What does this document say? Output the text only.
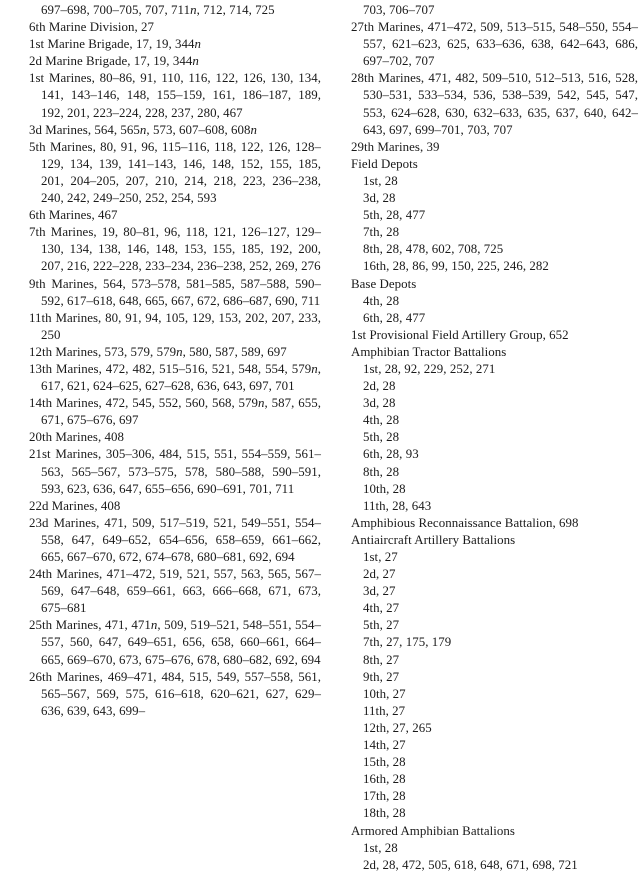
697–698, 700–705, 707, 711n, 712, 714, 725

6th Marine Division, 27

1st Marine Brigade, 17, 19, 344n

2d Marine Brigade, 17, 19, 344n

1st Marines, 80–86, 91, 110, 116, 122, 126, 130, 134, 141, 143–146, 148, 155–159, 161, 186–187, 189, 192, 201, 223–224, 228, 237, 280, 467

3d Marines, 564, 565n, 573, 607–608, 608n

5th Marines, 80, 91, 96, 115–116, 118, 122, 126, 128–129, 134, 139, 141–143, 146, 148, 152, 155, 185, 201, 204–205, 207, 210, 214, 218, 223, 236–238, 240, 242, 249–250, 252, 254, 593

6th Marines, 467

7th Marines, 19, 80–81, 96, 118, 121, 126–127, 129–130, 134, 138, 146, 148, 153, 155, 185, 192, 200, 207, 216, 222–228, 233–234, 236–238, 252, 269, 276

9th Marines, 564, 573–578, 581–585, 587–588, 590–592, 617–618, 648, 665, 667, 672, 686–687, 690, 711

11th Marines, 80, 91, 94, 105, 129, 153, 202, 207, 233, 250

12th Marines, 573, 579, 579n, 580, 587, 589, 697

13th Marines, 472, 482, 515–516, 521, 548, 554, 579n, 617, 621, 624–625, 627–628, 636, 643, 697, 701

14th Marines, 472, 545, 552, 560, 568, 579n, 587, 655, 671, 675–676, 697

20th Marines, 408

21st Marines, 305–306, 484, 515, 551, 554–559, 561–563, 565–567, 573–575, 578, 580–588, 590–591, 593, 623, 636, 647, 655–656, 690–691, 701, 711

22d Marines, 408

23d Marines, 471, 509, 517–519, 521, 549–551, 554–558, 647, 649–652, 654–656, 658–659, 661–662, 665, 667–670, 672, 674–678, 680–681, 692, 694

24th Marines, 471–472, 519, 521, 557, 563, 565, 567–569, 647–648, 659–661, 663, 666–668, 671, 673, 675–681

25th Marines, 471, 471n, 509, 519–521, 548–551, 554–557, 560, 647, 649–651, 656, 658, 660–661, 664–665, 669–670, 673, 675–676, 678, 680–682, 692, 694

26th Marines, 469–471, 484, 515, 549, 557–558, 561, 565–567, 569, 575, 616–618, 620–621, 627, 629–636, 639, 643, 699–

703, 706–707

27th Marines, 471–472, 509, 513–515, 548–550, 554–557, 621–623, 625, 633–636, 638, 642–643, 686, 697–702, 707

28th Marines, 471, 482, 509–510, 512–513, 516, 528, 530–531, 533–534, 536, 538–539, 542, 545, 547, 553, 624–628, 630, 632–633, 635, 637, 640, 642–643, 697, 699–701, 703, 707

29th Marines, 39

Field Depots

1st, 28

3d, 28

5th, 28, 477

7th, 28

8th, 28, 478, 602, 708, 725

16th, 28, 86, 99, 150, 225, 246, 282

Base Depots

4th, 28

6th, 28, 477

1st Provisional Field Artillery Group, 652

Amphibian Tractor Battalions

1st, 28, 92, 229, 252, 271

2d, 28

3d, 28

4th, 28

5th, 28

6th, 28, 93

8th, 28

10th, 28

11th, 28, 643

Amphibious Reconnaissance Battalion, 698

Antiaircraft Artillery Battalions

1st, 27

2d, 27

3d, 27

4th, 27

5th, 27

7th, 27, 175, 179

8th, 27

9th, 27

10th, 27

11th, 27

12th, 27, 265

14th, 27

15th, 28

16th, 28

17th, 28

18th, 28

Armored Amphibian Battalions

1st, 28

2d, 28, 472, 505, 618, 648, 671, 698, 721
